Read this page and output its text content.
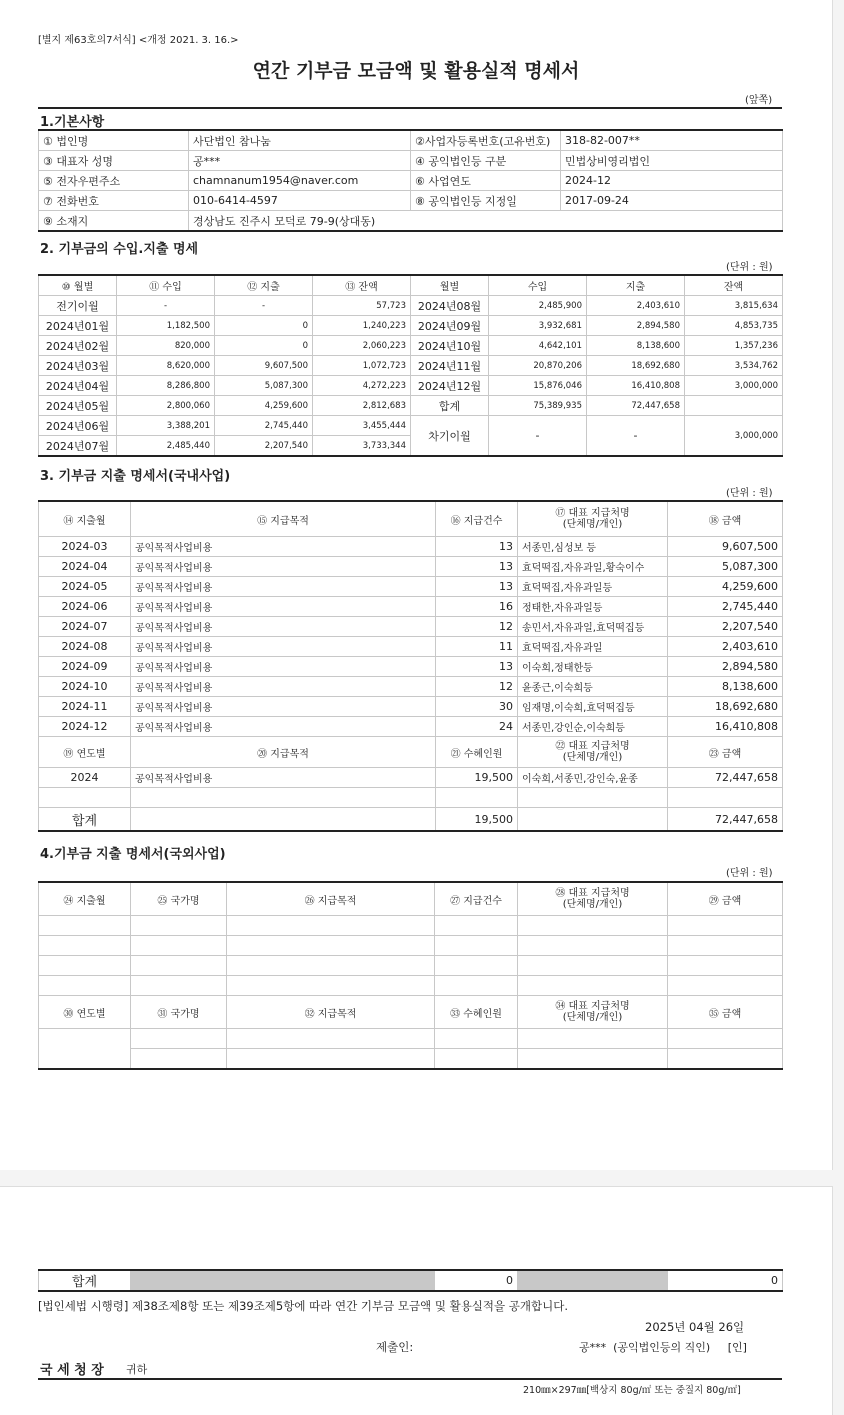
[별지 제63호의7서식] <개정 2021. 3. 16.>
연간 기부금 모금액 및 활용실적 명세서
(앞쪽)
1.기본사항
① 법인명	사단법인 참나눔	②사업자등록번호(고유번호)	318-82-007**
③ 대표자 성명	공***	④ 공익법인등 구분	민법상비영리법인
⑤ 전자우편주소	chamnanum1954@naver.com	⑥ 사업연도	2024-12
⑦ 전화번호	010-6414-4597	⑧ 공익법인등 지정일	2017-09-24
⑨ 소재지	경상남도 진주시 모덕로 79-9(상대동)		
2. 기부금의 수입.지출 명세
(단위 : 원)
⑩ 월별	⑪ 수입	⑫ 지출	⑬ 잔액	월별	수입	지출	잔액
전기이월	-	-	57,723	2024년08월	2,485,900	2,403,610	3,815,634
2024년01월	1,182,500	0	1,240,223	2024년09월	3,932,681	2,894,580	4,853,735
2024년02월	820,000	0	2,060,223	2024년10월	4,642,101	8,138,600	1,357,236
2024년03월	8,620,000	9,607,500	1,072,723	2024년11월	20,870,206	18,692,680	3,534,762
2024년04월	8,286,800	5,087,300	4,272,223	2024년12월	15,876,046	16,410,808	3,000,000
2024년05월	2,800,060	4,259,600	2,812,683	합계	75,389,935	72,447,658	
2024년06월	3,388,201	2,745,440	3,455,444	차기이월	-	-	3,000,000
2024년07월	2,485,440	2,207,540	3,733,344				
3. 기부금 지출 명세서(국내사업)
(단위 : 원)
⑭ 지출월	⑮ 지급목적	⑯ 지급건수	⑰ 대표 지급처명
(단체명/개인)	⑱ 금액
2024-03	공익목적사업비용	13	서종민,심성보 등	9,607,500
2024-04	공익목적사업비용	13	효덕떡집,자유과일,황숙이수	5,087,300
2024-05	공익목적사업비용	13	효덕떡집,자유과일등	4,259,600
2024-06	공익목적사업비용	16	정태한,자유과일등	2,745,440
2024-07	공익목적사업비용	12	송민서,자유과일,효덕떡집등	2,207,540
2024-08	공익목적사업비용	11	효덕떡집,자유과일	2,403,610
2024-09	공익목적사업비용	13	이숙희,정태한등	2,894,580
2024-10	공익목적사업비용	12	윤종근,이숙희등	8,138,600
2024-11	공익목적사업비용	30	임재명,이숙희,효덕떡집등	18,692,680
2024-12	공익목적사업비용	24	서종민,강인순,이숙희등	16,410,808
⑲ 연도별	⑳ 지급목적	㉑ 수혜인원	㉒ 대표 지급처명
(단체명/개인)	㉓ 금액
2024	공익목적사업비용	19,500	이숙희,서종민,강인숙,윤종	72,447,658

합계		19,500		72,447,658
4.기부금 지출 명세서(국외사업)
(단위 : 원)
㉔ 지출월	㉕ 국가명	㉖ 지급목적	㉗ 지급건수	㉘ 대표 지급처명
(단체명/개인)	㉙ 금액

㉚ 연도별	㉛ 국가명	㉜ 지급목적	㉝ 수혜인원	㉞ 대표 지급처명
(단체명/개인)	㉟ 금액

합계		0		0
[법인세법 시행령] 제38조제8항 또는 제39조제5항에 따라 연간 기부금 모금액 및 활용실적을 공개합니다.
2025년 04월 26일
제출인:	공***  (공익법인등의 직인)     [인]
국 세 청 장 귀하
210㎜×297㎜[백상지 80g/㎡ 또는 중질지 80g/㎡]
